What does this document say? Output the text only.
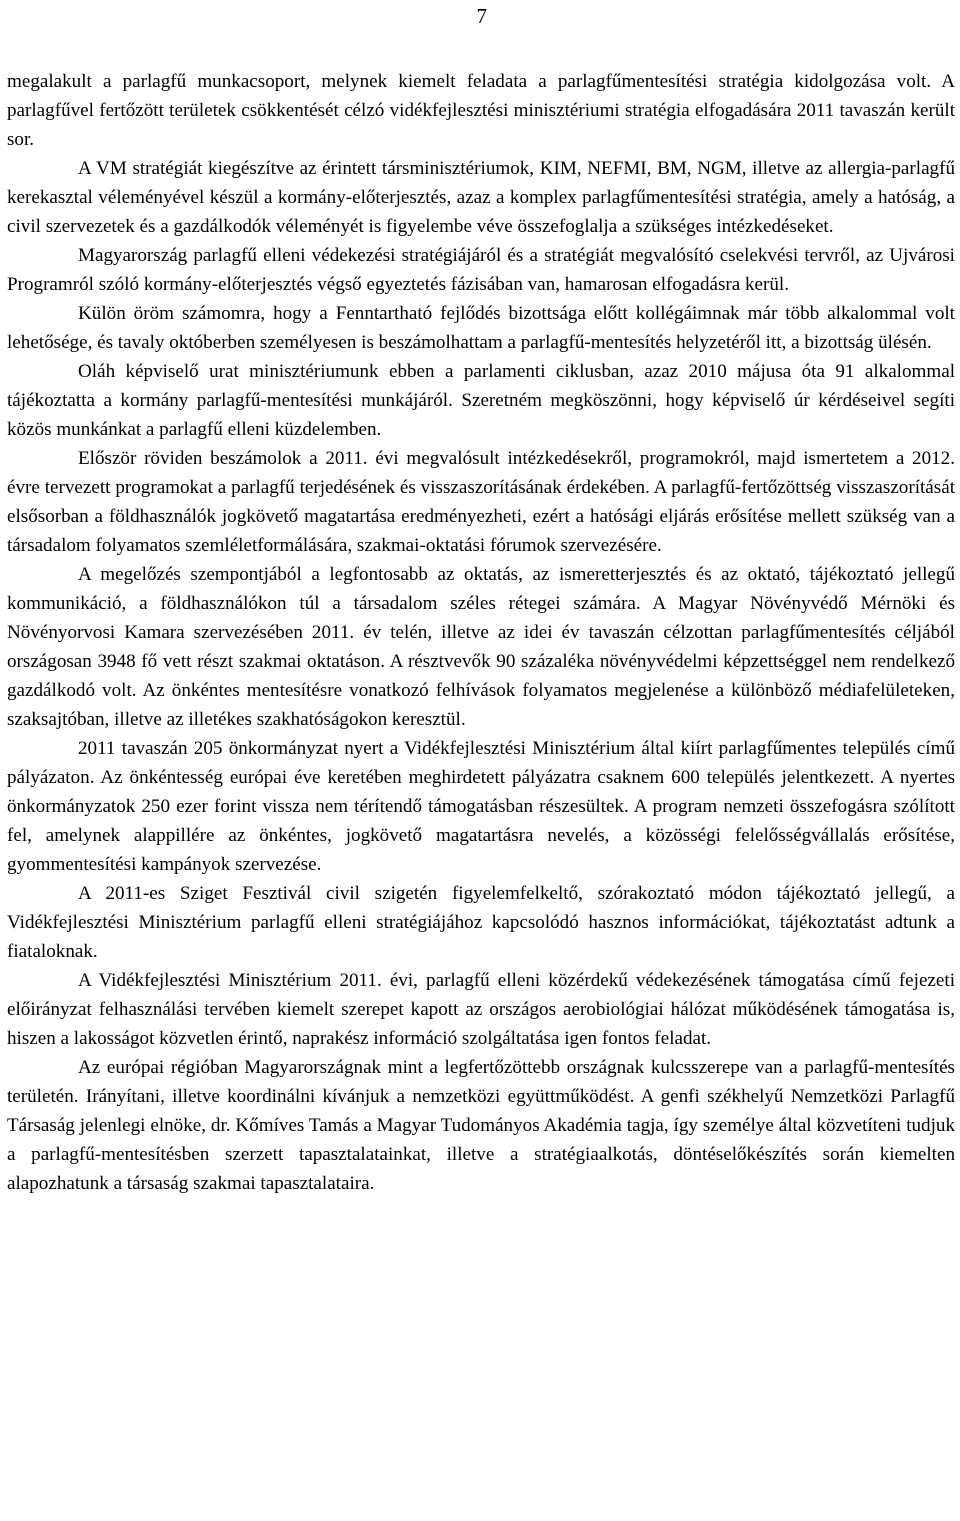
7

megalakult a parlagfű munkacsoport, melynek kiemelt feladata a parlagfűmentesítési stratégia kidolgozása volt. A parlagfűvel fertőzött területek csökkentését célzó vidékfejlesztési minisztériumi stratégia elfogadására 2011 tavaszán került sor.

A VM stratégiát kiegészítve az érintett társminisztériumok, KIM, NEFMI, BM, NGM, illetve az allergia-parlagfű kerekasztal véleményével készül a kormány-előterjesztés, azaz a komplex parlagfűmentesítési stratégia, amely a hatóság, a civil szervezetek és a gazdálkodók véleményét is figyelembe véve összefoglalja a szükséges intézkedéseket.

Magyarország parlagfű elleni védekezési stratégiájáról és a stratégiát megvalósító cselekvési tervről, az Ujvárosi Programról szóló kormány-előterjesztés végső egyeztetés fázisában van, hamarosan elfogadásra kerül.

Külön öröm számomra, hogy a Fenntartható fejlődés bizottsága előtt kollégáimnak már több alkalommal volt lehetősége, és tavaly októberben személyesen is beszámolhattam a parlagfű-mentesítés helyzetéről itt, a bizottság ülésén.

Oláh képviselő urat minisztériumunk ebben a parlamenti ciklusban, azaz 2010 májusa óta 91 alkalommal tájékoztatta a kormány parlagfű-mentesítési munkájáról. Szeretném megköszönni, hogy képviselő úr kérdéseivel segíti közös munkánkat a parlagfű elleni küzdelemben.

Először röviden beszámolok a 2011. évi megvalósult intézkedésekről, programokról, majd ismertetem a 2012. évre tervezett programokat a parlagfű terjedésének és visszaszorításának érdekében. A parlagfű-fertőzöttség visszaszorítását elsősorban a földhasználók jogkövető magatartása eredményezheti, ezért a hatósági eljárás erősítése mellett szükség van a társadalom folyamatos szemléletformálására, szakmai-oktatási fórumok szervezésére.

A megelőzés szempontjából a legfontosabb az oktatás, az ismeretterjesztés és az oktató, tájékoztató jellegű kommunikáció, a földhasználókon túl a társadalom széles rétegei számára. A Magyar Növényvédő Mérnöki és Növényorvosi Kamara szervezésében 2011. év telén, illetve az idei év tavaszán célzottan parlagfűmentesítés céljából országosan 3948 fő vett részt szakmai oktatáson. A résztvevők 90 százaléka növényvédelmi képzettséggel nem rendelkező gazdálkodó volt. Az önkéntes mentesítésre vonatkozó felhívások folyamatos megjelenése a különböző médiafelületeken, szaksajtóban, illetve az illetékes szakhatóságokon keresztül.

2011 tavaszán 205 önkormányzat nyert a Vidékfejlesztési Minisztérium által kiírt parlagfűmentes település című pályázaton. Az önkéntesség európai éve keretében meghirdetett pályázatra csaknem 600 település jelentkezett. A nyertes önkormányzatok 250 ezer forint vissza nem térítendő támogatásban részesültek. A program nemzeti összefogásra szólított fel, amelynek alappillére az önkéntes, jogkövető magatartásra nevelés, a közösségi felelősségvállalás erősítése, gyommentesítési kampányok szervezése.

A 2011-es Sziget Fesztivál civil szigetén figyelemfelkeltő, szórakoztató módon tájékoztató jellegű, a Vidékfejlesztési Minisztérium parlagfű elleni stratégiájához kapcsolódó hasznos információkat, tájékoztatást adtunk a fiataloknak.

A Vidékfejlesztési Minisztérium 2011. évi, parlagfű elleni közérdekű védekezésének támogatása című fejezeti előirányzat felhasználási tervében kiemelt szerepet kapott az országos aerobiológiai hálózat működésének támogatása is, hiszen a lakosságot közvetlen érintő, naprakész információ szolgáltatása igen fontos feladat.

Az európai régióban Magyarországnak mint a legfertőzöttebb országnak kulcsszerepe van a parlagfű-mentesítés területén. Irányítani, illetve koordinálni kívánjuk a nemzetközi együttműködést. A genfi székhelyű Nemzetközi Parlagfű Társaság jelenlegi elnöke, dr. Kőmíves Tamás a Magyar Tudományos Akadémia tagja, így személye által közvetíteni tudjuk a parlagfű-mentesítésben szerzett tapasztalatainkat, illetve a stratégiaalkotás, döntéselőkészítés során kiemelten alapozhatunk a társaság szakmai tapasztalataira.
